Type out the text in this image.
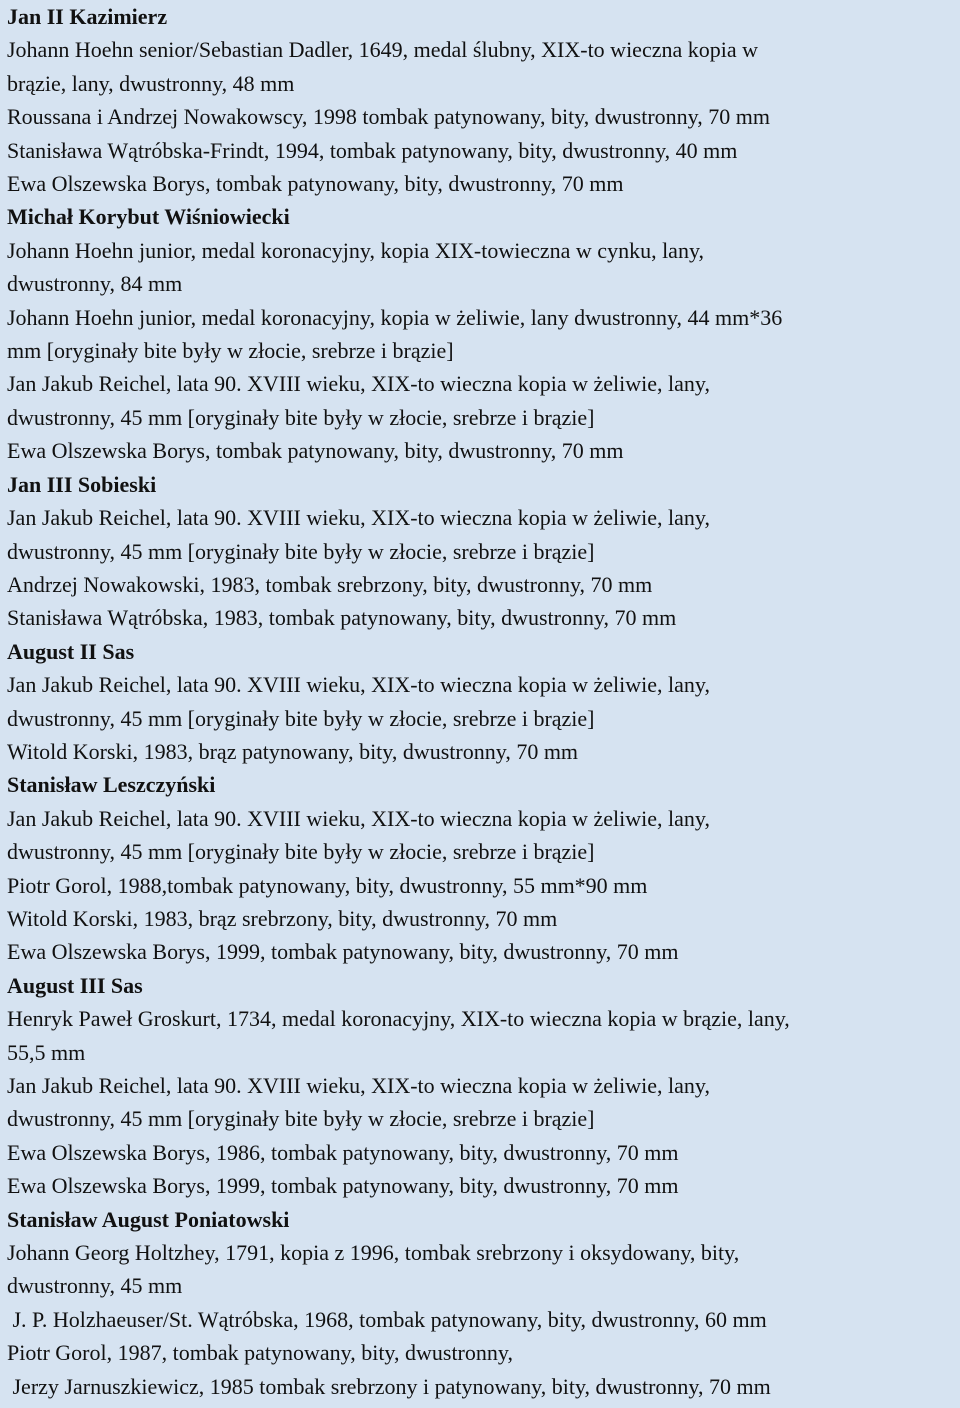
Jan II Kazimierz
Johann Hoehn senior/Sebastian Dadler, 1649, medal ślubny, XIX-to wieczna kopia w
brązie, lany, dwustronny, 48 mm
Roussana i Andrzej Nowakowscy, 1998 tombak patynowany, bity, dwustronny, 70 mm
Stanisława Wątróbska-Frindt, 1994, tombak patynowany, bity, dwustronny, 40 mm
Ewa Olszewska Borys, tombak patynowany, bity, dwustronny, 70 mm
Michał Korybut Wiśniowiecki
Johann Hoehn junior, medal koronacyjny, kopia XIX-towieczna w cynku, lany,
dwustronny, 84 mm
Johann Hoehn junior, medal koronacyjny, kopia w żeliwie, lany dwustronny, 44 mm*36
mm [oryginały bite były w złocie, srebrze i brązie]
Jan Jakub Reichel, lata 90. XVIII wieku, XIX-to wieczna kopia w żeliwie, lany,
dwustronny, 45 mm [oryginały bite były w złocie, srebrze i brązie]
Ewa Olszewska Borys, tombak patynowany, bity, dwustronny, 70 mm
Jan III Sobieski
Jan Jakub Reichel, lata 90. XVIII wieku, XIX-to wieczna kopia w żeliwie, lany,
dwustronny, 45 mm [oryginały bite były w złocie, srebrze i brązie]
Andrzej Nowakowski, 1983, tombak srebrzony, bity, dwustronny, 70 mm
Stanisława Wątróbska, 1983, tombak patynowany, bity, dwustronny, 70 mm
August II Sas
Jan Jakub Reichel, lata 90. XVIII wieku, XIX-to wieczna kopia w żeliwie, lany,
dwustronny, 45 mm [oryginały bite były w złocie, srebrze i brązie]
Witold Korski, 1983, brąz patynowany, bity, dwustronny, 70 mm
Stanisław Leszczyński
Jan Jakub Reichel, lata 90. XVIII wieku, XIX-to wieczna kopia w żeliwie, lany,
dwustronny, 45 mm [oryginały bite były w złocie, srebrze i brązie]
Piotr Gorol, 1988,tombak patynowany, bity, dwustronny, 55 mm*90 mm
Witold Korski, 1983, brąz srebrzony, bity, dwustronny, 70 mm
Ewa Olszewska Borys, 1999, tombak patynowany, bity, dwustronny, 70 mm
August III Sas
Henryk Paweł Groskurt, 1734, medal koronacyjny, XIX-to wieczna kopia w brązie, lany,
55,5 mm
Jan Jakub Reichel, lata 90. XVIII wieku, XIX-to wieczna kopia w żeliwie, lany,
dwustronny, 45 mm [oryginały bite były w złocie, srebrze i brązie]
Ewa Olszewska Borys, 1986, tombak patynowany, bity, dwustronny, 70 mm
Ewa Olszewska Borys, 1999, tombak patynowany, bity, dwustronny, 70 mm
Stanisław August Poniatowski
Johann Georg Holtzhey, 1791, kopia z 1996, tombak srebrzony i oksydowany, bity,
dwustronny, 45 mm
J. P. Holzhaeuser/St. Wątróbska, 1968, tombak patynowany, bity, dwustronny, 60 mm
Piotr Gorol, 1987, tombak patynowany, bity, dwustronny,
Jerzy Jarnuszkiewicz, 1985 tombak srebrzony i patynowany, bity, dwustronny, 70 mm
